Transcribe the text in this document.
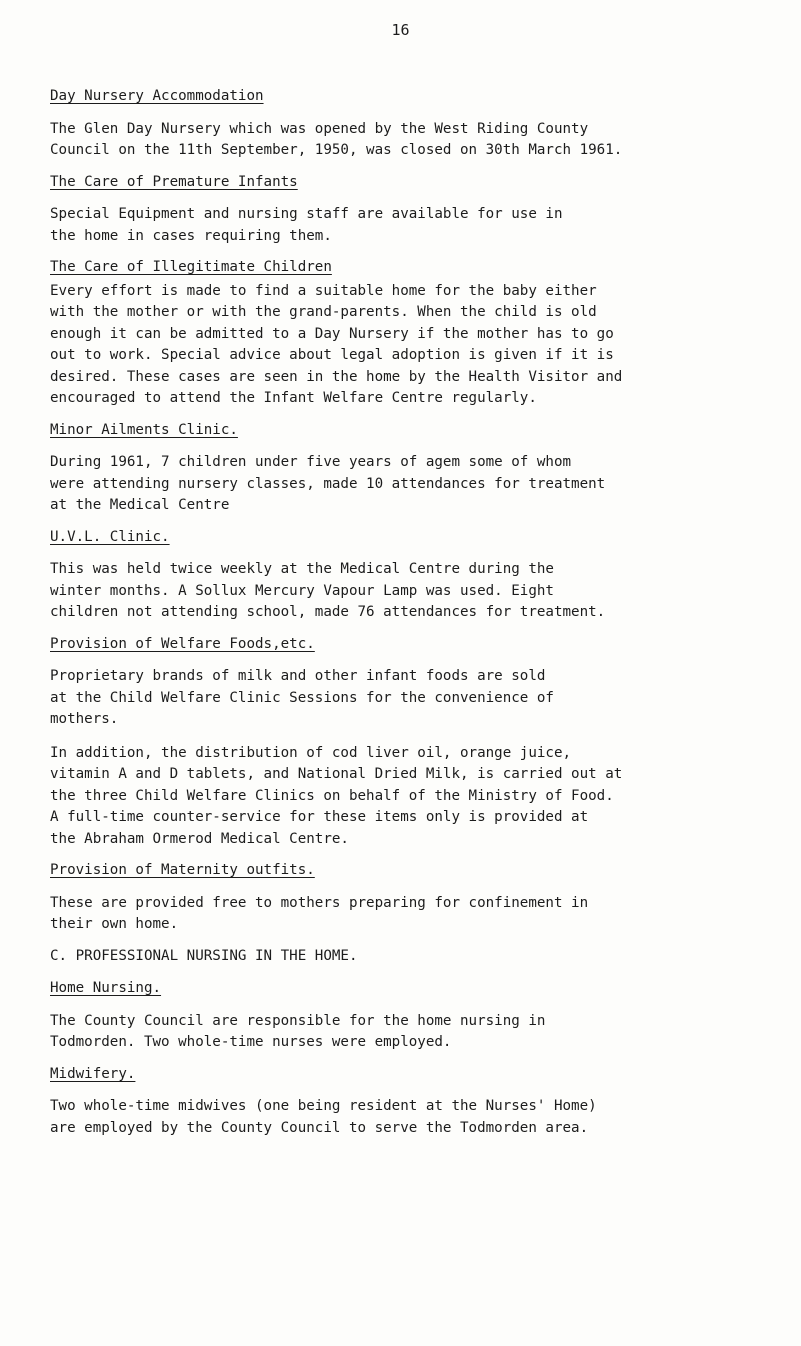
16
Day Nursery Accommodation

The Glen Day Nursery which was opened by the West Riding County
Council on the 11th September, 1950, was closed on 30th March 1961.

The Care of Premature Infants

Special Equipment and nursing staff are available for use in
the home in cases requiring them.

The Care of Illegitimate Children

Every effort is made to find a suitable home for the baby either
with the mother or with the grand-parents. When the child is old
enough it can be admitted to a Day Nursery if the mother has to go
out to work. Special advice about legal adoption is given if it is
desired. These cases are seen in the home by the Health Visitor and
encouraged to attend the Infant Welfare Centre regularly.

Minor Ailments Clinic.

During 1961, 7 children under five years of agem some of whom
were attending nursery classes, made 10 attendances for treatment
at the Medical Centre

U.V.L. Clinic.

This was held twice weekly at the Medical Centre during the
winter months. A Sollux Mercury Vapour Lamp was used. Eight
children not attending school, made 76 attendances for treatment.

Provision of Welfare Foods,etc.

Proprietary brands of milk and other infant foods are sold
at the Child Welfare Clinic Sessions for the convenience of
mothers.

In addition, the distribution of cod liver oil, orange juice,
vitamin A and D tablets, and National Dried Milk, is carried out at
the three Child Welfare Clinics on behalf of the Ministry of Food.
A full-time counter-service for these items only is provided at
the Abraham Ormerod Medical Centre.

Provision of Maternity outfits.

These are provided free to mothers preparing for confinement in
their own home.

C. PROFESSIONAL NURSING IN THE HOME.

Home Nursing.

The County Council are responsible for the home nursing in
Todmorden. Two whole-time nurses were employed.

Midwifery.

Two whole-time midwives (one being resident at the Nurses' Home)
are employed by the County Council to serve the Todmorden area.
